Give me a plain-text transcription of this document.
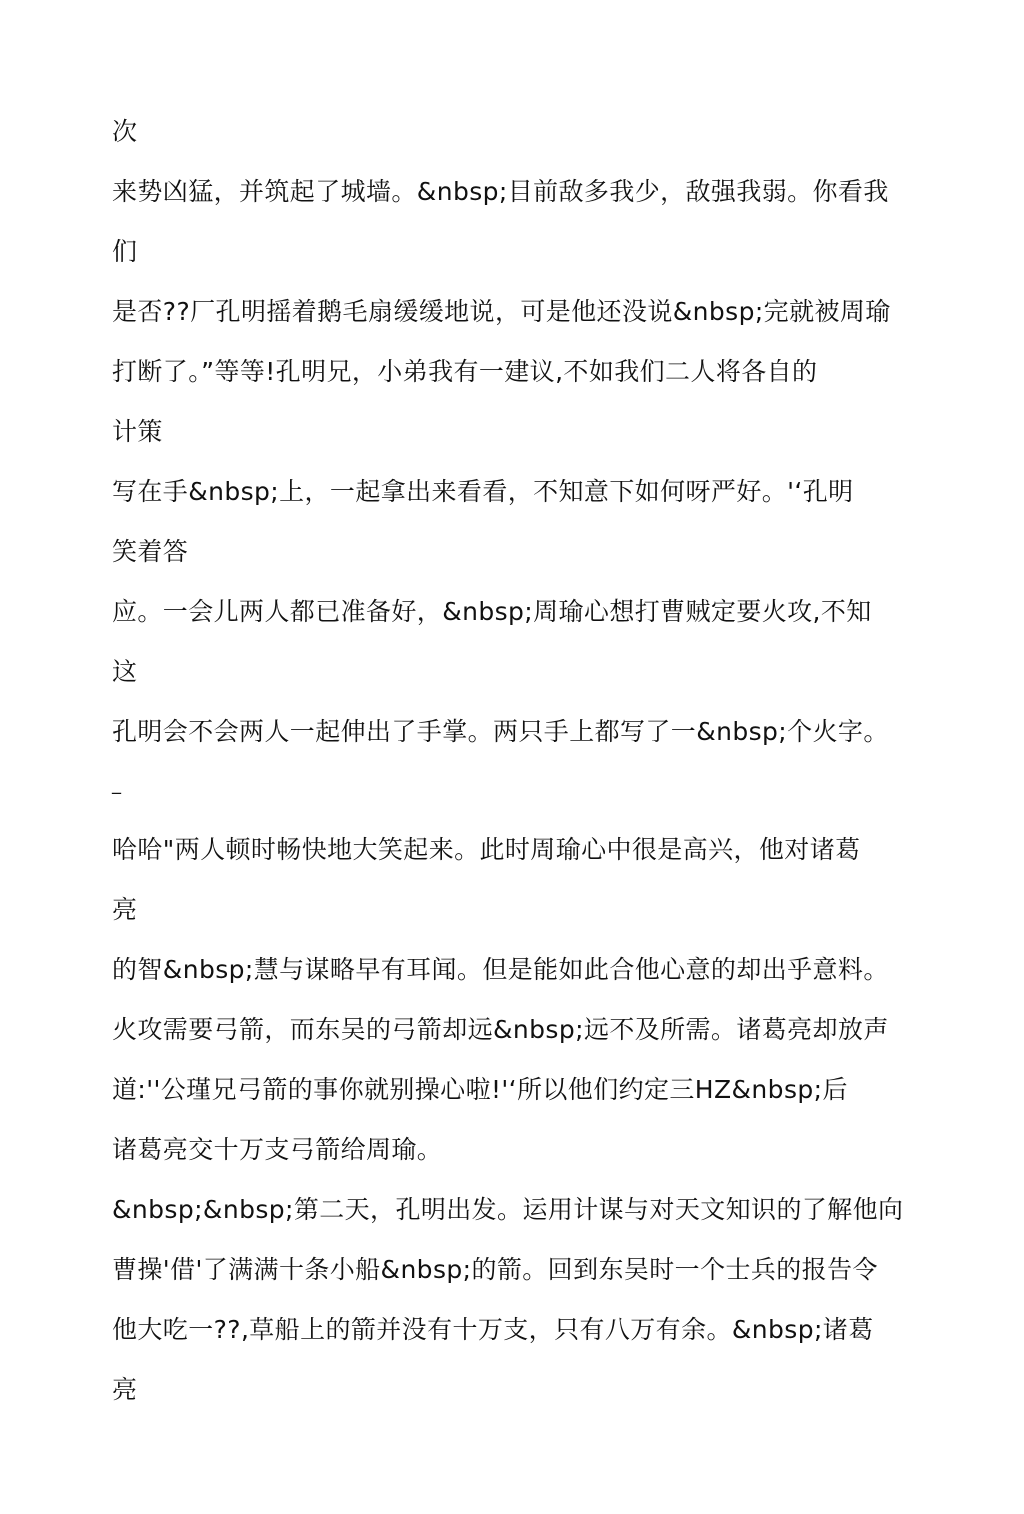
次
来势凶猛，并筑起了城墙。&nbsp;目前敌多我少，敌强我弱。你看我
们
是否??厂孔明摇着鹅毛扇缓缓地说，可是他还没说&nbsp;完就被周瑜
打断了。”等等!孔明兄，小弟我有一建议,不如我们二人将各自的
计策
写在手&nbsp;上，一起拿出来看看，不知意下如何呀严好。'‘孔明
笑着答
应。一会儿两人都已准备好，&nbsp;周瑜心想打曹贼定要火攻,不知
这
孔明会不会两人一起伸出了手掌。两只手上都写了一&nbsp;个火字。
_
哈哈"两人顿时畅快地大笑起来。此时周瑜心中很是高兴，他对诸葛
亮
的智&nbsp;慧与谋略早有耳闻。但是能如此合他心意的却出乎意料。
火攻需要弓箭，而东吴的弓箭却远&nbsp;远不及所需。诸葛亮却放声
道:''公瑾兄弓箭的事你就别操心啦!'‘所以他们约定三HZ&nbsp;后
诸葛亮交十万支弓箭给周瑜。
&nbsp;&nbsp;第二天，孔明出发。运用计谋与对天文知识的了解他向
曹操'借'了满满十条小船&nbsp;的箭。回到东吴时一个士兵的报告令
他大吃一??,草船上的箭并没有十万支，只有八万有余。&nbsp;诸葛
亮
